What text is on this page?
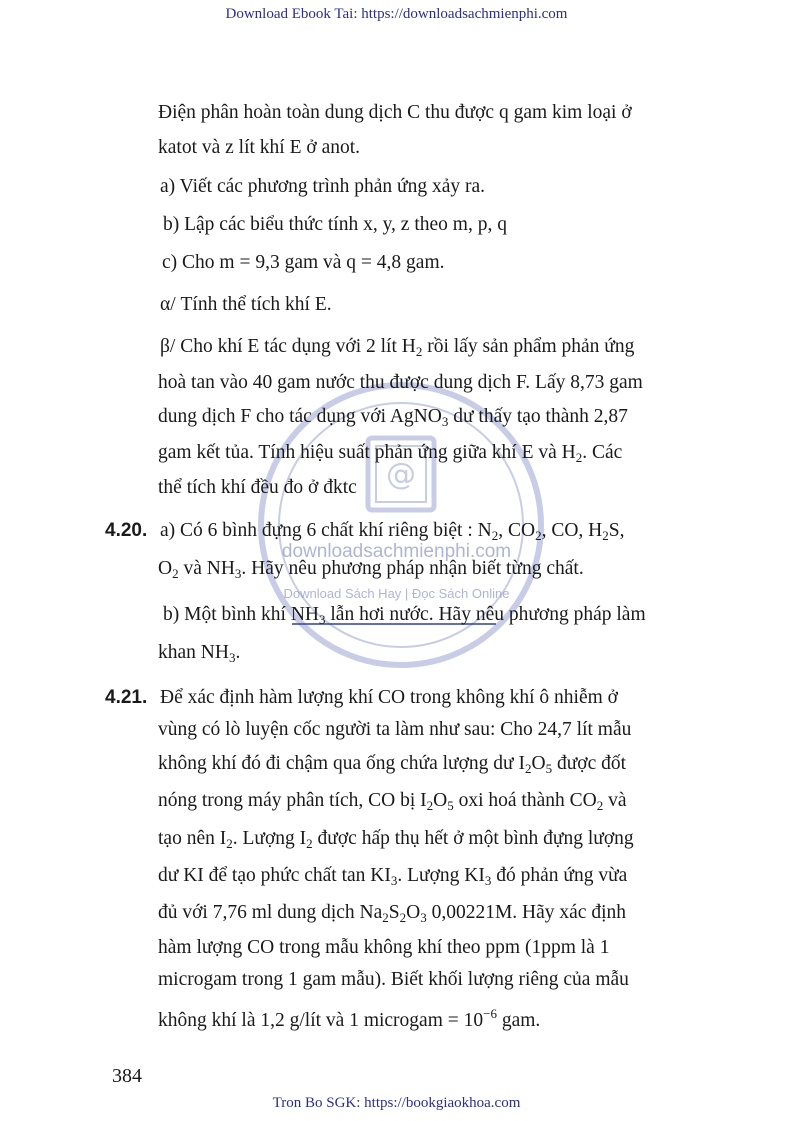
Download Ebook Tai: https://downloadsachmienphi.com
@
downloadsachmienphi.com
Download Sách Hay | Đọc Sách Online
Điện phân hoàn toàn dung dịch C thu được q gam kim loại ở
katot và z lít khí E ở anot.
a) Viết các phương trình phản ứng xảy ra.
b) Lập các biểu thức tính x, y, z theo m, p, q
c) Cho m = 9,3 gam và q = 4,8 gam.
α/ Tính thể tích khí E.
β/ Cho khí E tác dụng với 2 lít $H_2$ rồi lấy sản phẩm phản ứng
hoà tan vào 40 gam nước thu được dung dịch F. Lấy 8,73 gam
dung dịch F cho tác dụng với AgNO$_3$ dư thấy tạo thành 2,87
gam kết tủa. Tính hiệu suất phản ứng giữa khí E và $H_2$. Các
thể tích khí đều đo ở đktc
4.20. a) Có 6 bình đựng 6 chất khí riêng biệt : $N_2$, $CO_2$, CO, $H_2S$,
$O_2$ và $NH_3$. Hãy nêu phương pháp nhận biết từng chất.
b) Một bình khí $NH_3$ lẫn hơi nước. Hãy nêu phương pháp làm
khan $NH_3$.
4.21. Để xác định hàm lượng khí CO trong không khí ô nhiễm ở
vùng có lò luyện cốc người ta làm như sau: Cho 24,7 lít mẫu
không khí đó đi chậm qua ống chứa lượng dư $I_2O_5$ được đốt
nóng trong máy phân tích, CO bị $I_2O_5$ oxi hoá thành $CO_2$ và
tạo nên $I_2$. Lượng $I_2$ được hấp thụ hết ở một bình đựng lượng
dư KI để tạo phức chất $\tan KI_3$. Lượng $KI_3$ đó phản ứng vừa
đủ với 7,76 ml dung dịch $Na_2S_2O_3$ 0,00221M. Hãy xác định
hàm lượng CO trong mẫu không khí theo ppm (1ppm là 1
microgam trong 1 gam mẫu). Biết khối lượng riêng của mẫu
không khí là 1,2 g/lít và 1 microgam = $10^{-6}$ gam.
384
Tron Bo SGK: https://bookgiaokhoa.com
